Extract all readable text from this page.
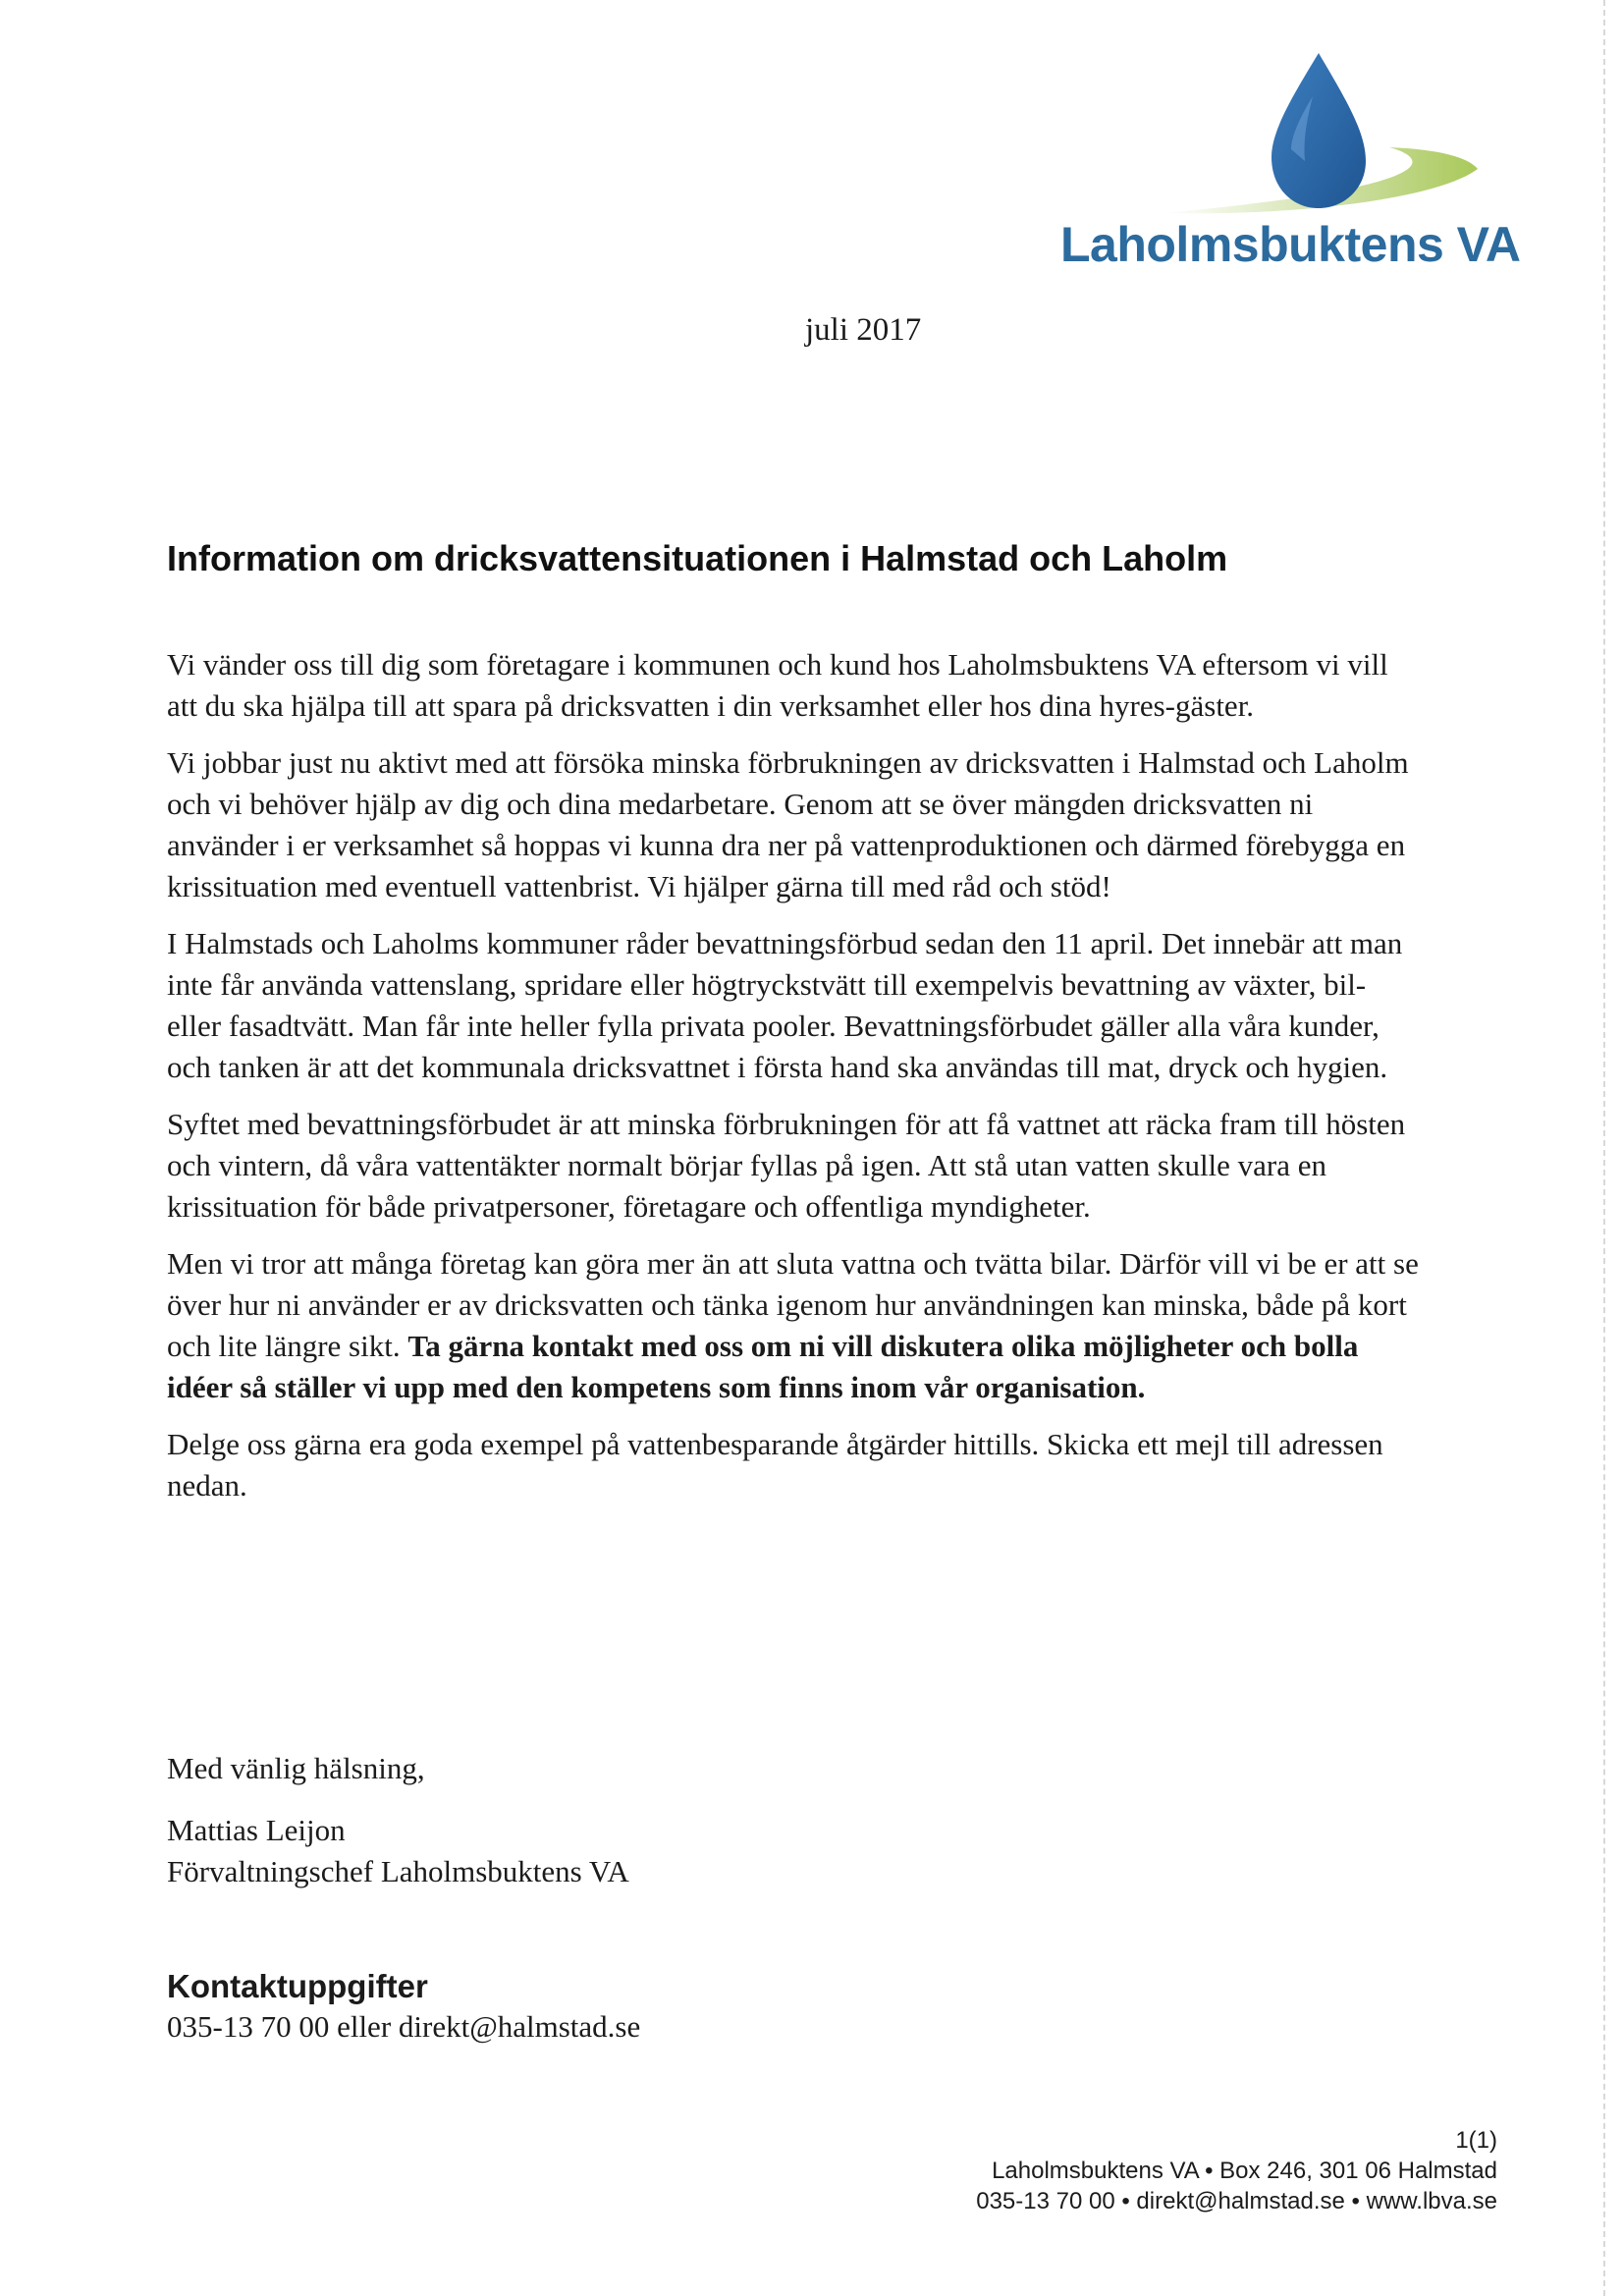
Laholmsbuktens VA
juli 2017
Information om dricksvattensituationen i Halmstad och Laholm

Vi vänder oss till dig som företagare i kommunen och kund hos Laholmsbuktens VA eftersom vi vill att du ska hjälpa till att spara på dricksvatten i din verksamhet eller hos dina hyres-gäster.

Vi jobbar just nu aktivt med att försöka minska förbrukningen av dricksvatten i Halmstad och Laholm och vi behöver hjälp av dig och dina medarbetare. Genom att se över mängden dricksvatten ni använder i er verksamhet så hoppas vi kunna dra ner på vattenproduktionen och därmed förebygga en krissituation med eventuell vattenbrist. Vi hjälper gärna till med råd och stöd!

I Halmstads och Laholms kommuner råder bevattningsförbud sedan den 11 april. Det innebär att man inte får använda vattenslang, spridare eller högtryckstvätt till exempelvis bevattning av växter, bil- eller fasadtvätt. Man får inte heller fylla privata pooler. Bevattningsförbudet gäller alla våra kunder, och tanken är att det kommunala dricksvattnet i första hand ska användas till mat, dryck och hygien.

Syftet med bevattningsförbudet är att minska förbrukningen för att få vattnet att räcka fram till hösten och vintern, då våra vattentäkter normalt börjar fyllas på igen. Att stå utan vatten skulle vara en krissituation för både privatpersoner, företagare och offentliga myndigheter.

Men vi tror att många företag kan göra mer än att sluta vattna och tvätta bilar. Därför vill vi be er att se över hur ni använder er av dricksvatten och tänka igenom hur användningen kan minska, både på kort och lite längre sikt. Ta gärna kontakt med oss om ni vill diskutera olika möjligheter och bolla idéer så ställer vi upp med den kompetens som finns inom vår organisation.

Delge oss gärna era goda exempel på vattenbesparande åtgärder hittills. Skicka ett mejl till adressen nedan.

Med vänlig hälsning,
Mattias Leijon
Förvaltningschef Laholmsbuktens VA
Kontaktuppgifter
035-13 70 00 eller direkt@halmstad.se
1(1)
Laholmsbuktens VA • Box 246, 301 06 Halmstad
035-13 70 00 • direkt@halmstad.se • www.lbva.se
